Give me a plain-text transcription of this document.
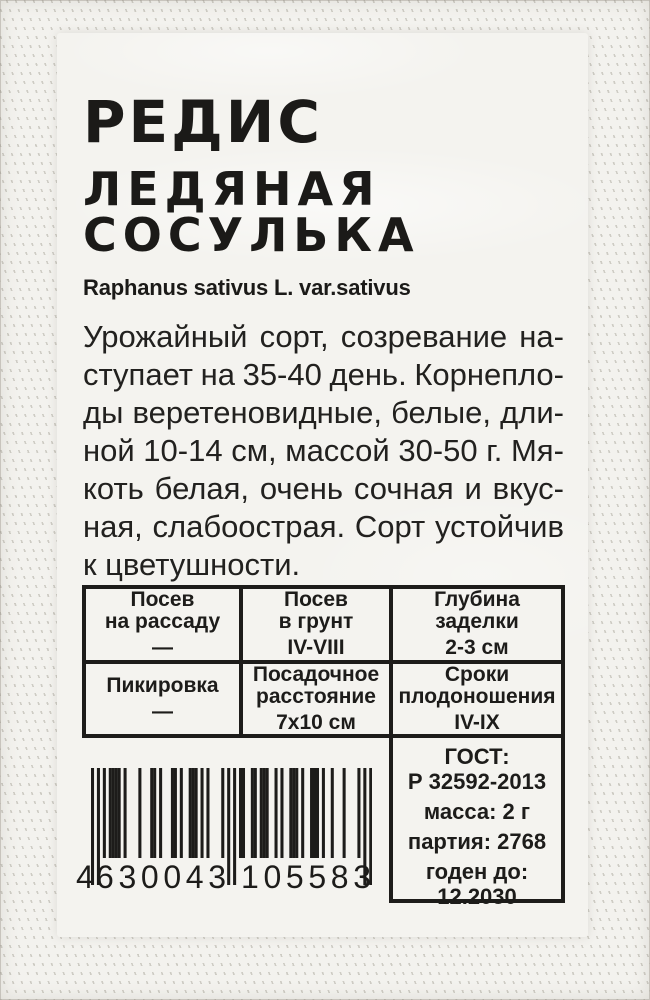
РЕДИС
ЛЕДЯНАЯ
СОСУЛЬКА
Raphanus sativus L. var.sativus
Урожайный сорт, созревание на-
ступает на 35-40 день. Корнепло-
ды веретеновидные, белые, дли-
ной 10-14 см, массой 30-50 г. Мя-
коть белая, очень сочная и вкус-
ная, слабоострая. Сорт устойчив
к цветушности.
Посев
на рассаду
—
Посев
в грунт
IV-VIII
Глубина
заделки
2-3 см
Пикировка
—
Посадочное
расстояние
7x10 см
Сроки
плодоношения
IV-IX
4 6 3 0 0 4 3 1 0 5 5 8 3
ГОСТ:
Р 32592-2013
масса: 2 г
партия: 2768
годен до:
12.2030
